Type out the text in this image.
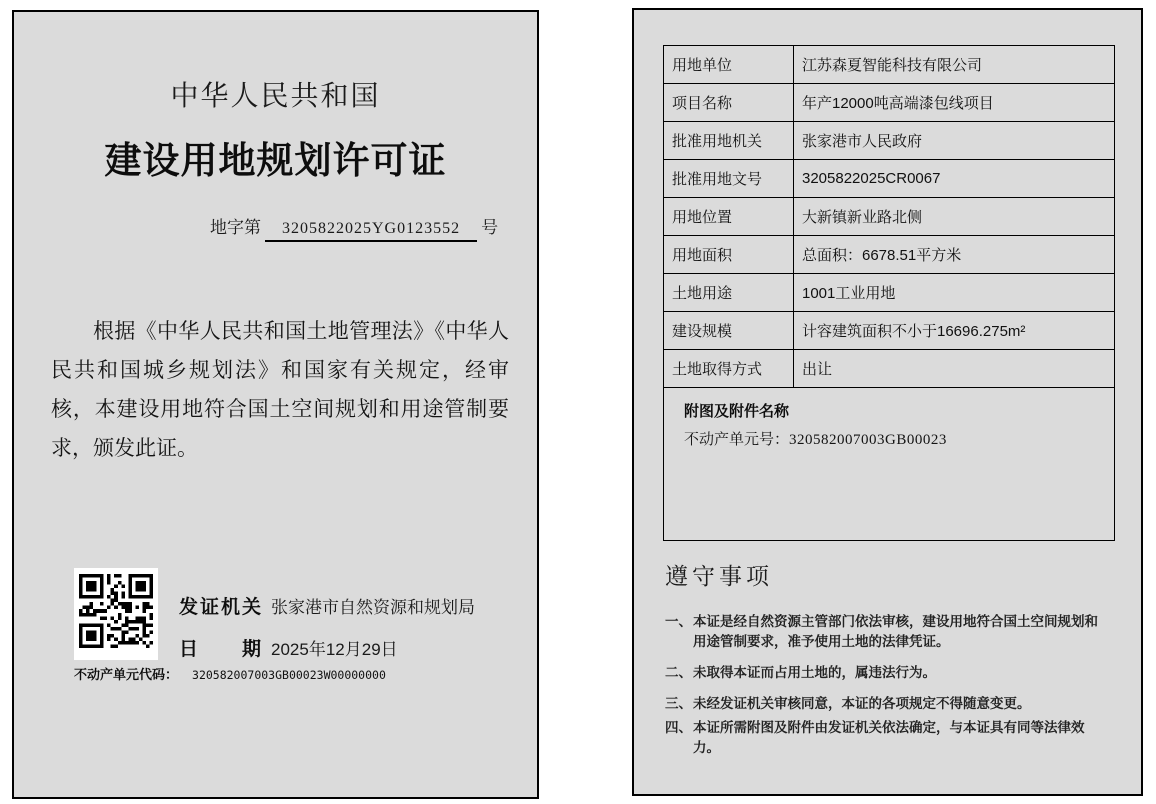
中华人民共和国
建设用地规划许可证
地字第 3205822025YG0123552 号
根据《中华人民共和国土地管理法》《中华人民共和国城乡规划法》和国家有关规定，经审核，本建设用地符合国土空间规划和用途管制要求，颁发此证。
发证机关 张家港市自然资源和规划局
日　　期 2025年12月29日
不动产单元代码： 320582007003GB00023W00000000
用地单位	江苏森夏智能科技有限公司
项目名称	年产12000吨高端漆包线项目
批准用地机关	张家港市人民政府
批准用地文号	3205822025CR0067
用地位置	大新镇新业路北侧
用地面积	总面积：6678.51平方米
土地用途	1001工业用地
建设规模	计容建筑面积不小于16696.275m²
土地取得方式	出让

附图及附件名称
不动产单元号：320582007003GB00023	
遵守事项
一、 本证是经自然资源主管部门依法审核，建设用地符合国土空间规划和用途管制要求，准予使用土地的法律凭证。
二、 未取得本证而占用土地的，属违法行为。
三、 未经发证机关审核同意，本证的各项规定不得随意变更。
四、 本证所需附图及附件由发证机关依法确定，与本证具有同等法律效力。
